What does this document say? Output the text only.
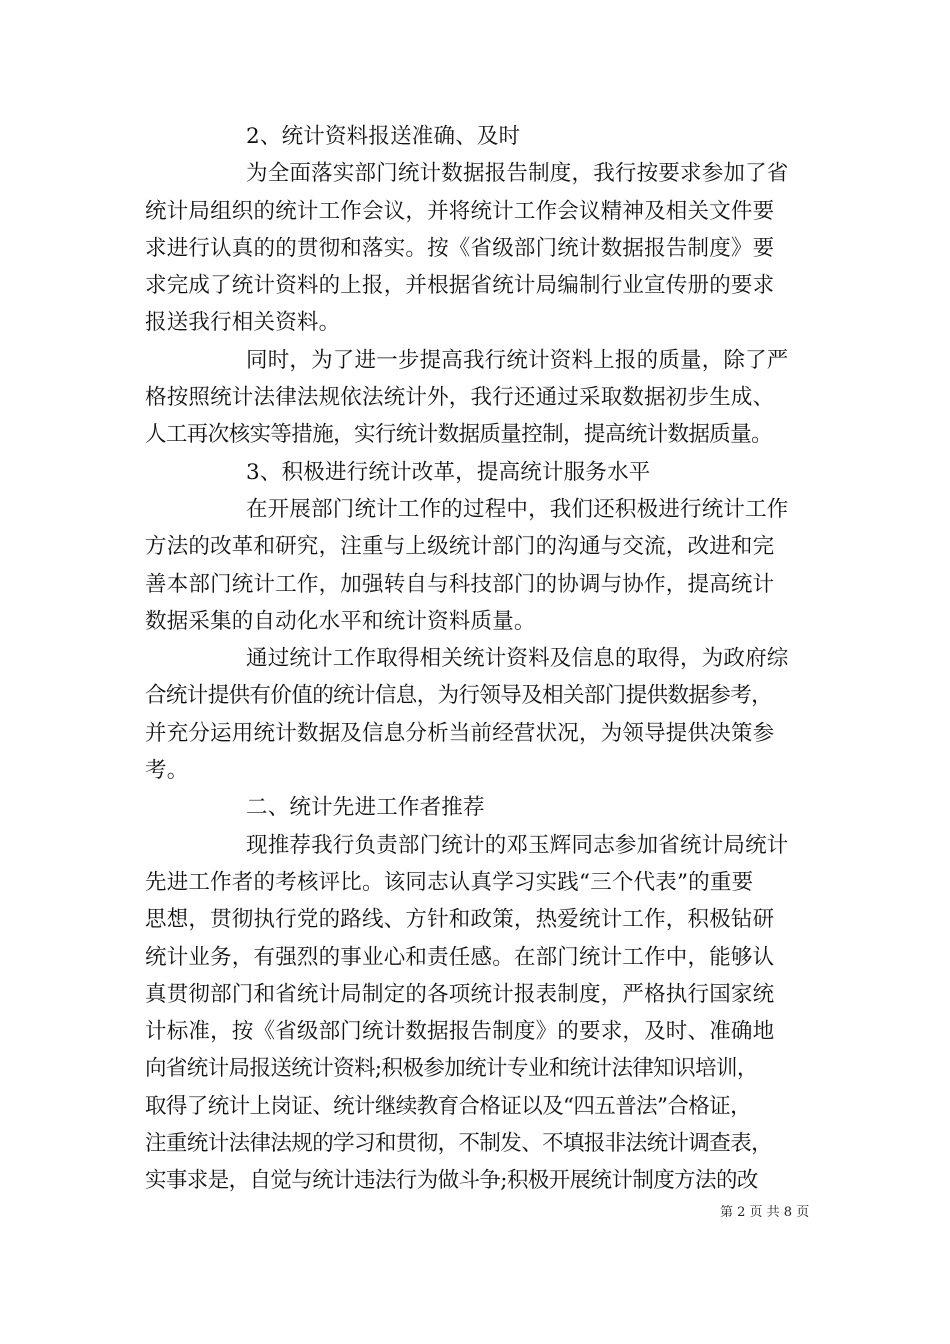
2、统计资料报送准确、及时
为全面落实部门统计数据报告制度，我行按要求参加了省
统计局组织的统计工作会议，并将统计工作会议精神及相关文件要
求进行认真的的贯彻和落实。按《省级部门统计数据报告制度》要
求完成了统计资料的上报，并根据省统计局编制行业宣传册的要求
报送我行相关资料。
同时，为了进一步提高我行统计资料上报的质量，除了严
格按照统计法律法规依法统计外，我行还通过采取数据初步生成、
人工再次核实等措施，实行统计数据质量控制，提高统计数据质量。
3、积极进行统计改革，提高统计服务水平
在开展部门统计工作的过程中，我们还积极进行统计工作
方法的改革和研究，注重与上级统计部门的沟通与交流，改进和完
善本部门统计工作，加强转自与科技部门的协调与协作，提高统计
数据采集的自动化水平和统计资料质量。
通过统计工作取得相关统计资料及信息的取得，为政府综
合统计提供有价值的统计信息，为行领导及相关部门提供数据参考，
并充分运用统计数据及信息分析当前经营状况，为领导提供决策参
考。
二、统计先进工作者推荐
现推荐我行负责部门统计的邓玉辉同志参加省统计局统计
先进工作者的考核评比。该同志认真学习实践“三个代表”的重要
思想，贯彻执行党的路线、方针和政策，热爱统计工作，积极钻研
统计业务，有强烈的事业心和责任感。在部门统计工作中，能够认
真贯彻部门和省统计局制定的各项统计报表制度，严格执行国家统
计标准，按《省级部门统计数据报告制度》的要求，及时、准确地
向省统计局报送统计资料;积极参加统计专业和统计法律知识培训，
取得了统计上岗证、统计继续教育合格证以及“四五普法”合格证，
注重统计法律法规的学习和贯彻，不制发、不填报非法统计调查表，
实事求是，自觉与统计违法行为做斗争;积极开展统计制度方法的改
第 2 页 共 8 页
